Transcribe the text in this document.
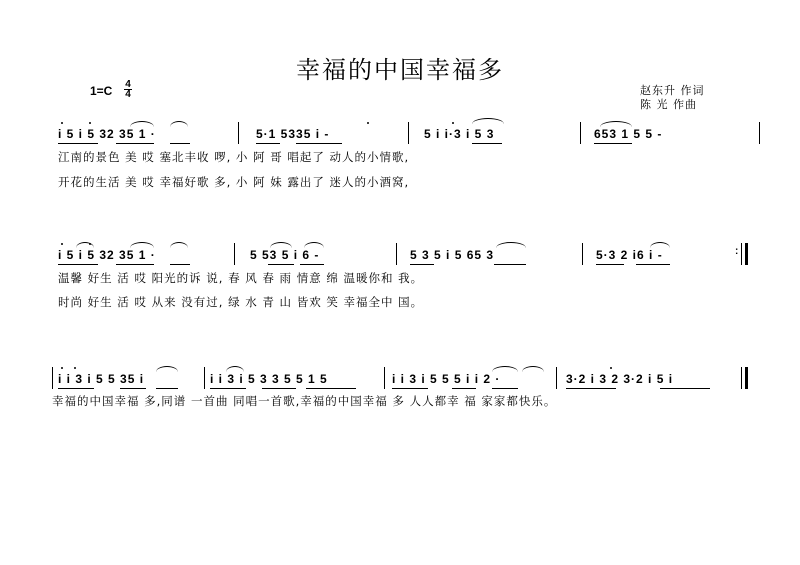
幸福的中国幸福多
1=C 4
4	赵东升 作词
陈 光 作曲
i 5 i 5 32 35 1 ·	5·1 5335 i -	5 i i·3 i 5 3	653 1 5 5 -
江南的景色 美 哎 塞北丰收 啰, 小 阿 哥 唱起了 动人的小情歌,
开花的生活 美 哎 幸福好歌 多, 小 阿 妹 露出了 迷人的小酒窝,
i 5 i 5 32 35 1 ·	5 53 5 i 6 -	5 3 5 i 5 65 3	5·3 2 i6 i -	:
温馨 好生 活 哎 阳光的诉 说, 春 风 春 雨 情意 绵 温暖你和 我。
时尚 好生 活 哎 从来 没有过, 绿 水 青 山 皆欢 笑 幸福全中 国。
i i 3 i 5 5 35 i	i i 3 i 5 3 3 5 5 1 5	i i 3 i 5 5 5 i i 2 ·	3·2 i 3 2 3·2 i 5 i
幸福的中国幸福 多,同谱 一首曲 同唱一首歌,幸福的中国幸福 多 人人都幸 福 家家都快乐。
